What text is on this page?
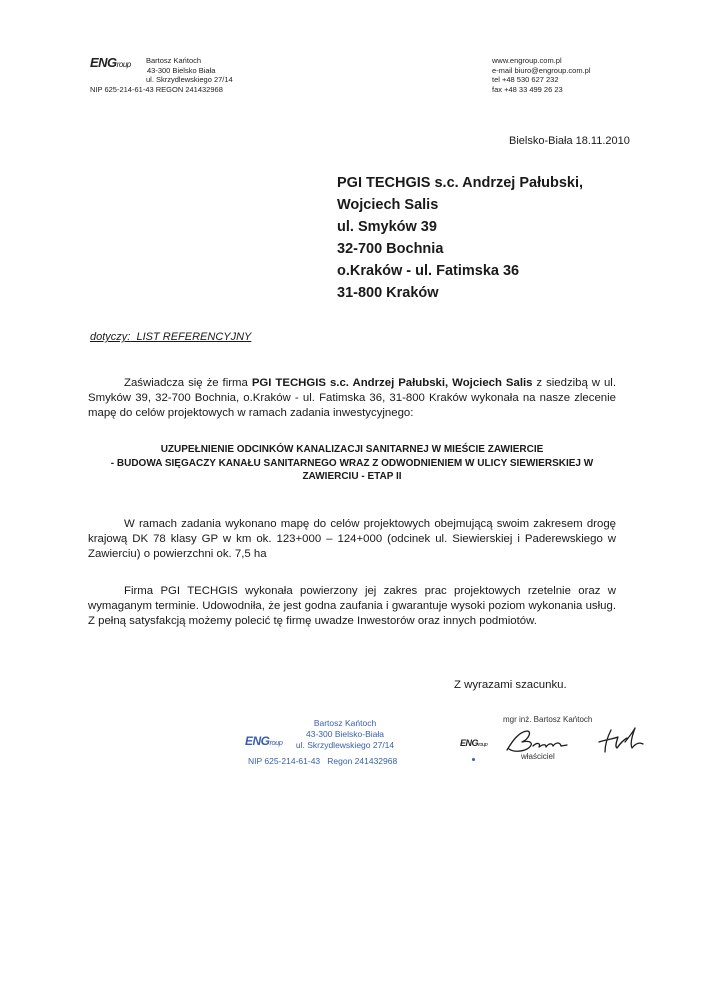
ENGroup Bartosz Kańtoch
43-300 Bielsko Biała
ul. Skrzydlewskiego 27/14
NIP 625-214-61-43 REGON 241432968
www.engroup.com.pl
e-mail biuro@engroup.com.pl
tel +48 530 627 232
fax +48 33 499 26 23
Bielsko-Biała 18.11.2010
PGI TECHGIS s.c. Andrzej Pałubski,
Wojciech Salis
ul. Smyków 39
32-700 Bochnia
o.Kraków - ul. Fatimska 36
31-800 Kraków
dotyczy: LIST REFERENCYJNY
Zaświadcza się że firma PGI TECHGIS s.c. Andrzej Pałubski, Wojciech Salis z siedzibą w ul. Smyków 39, 32-700 Bochnia, o.Kraków - ul. Fatimska 36, 31-800 Kraków wykonała na nasze zlecenie mapę do celów projektowych w ramach zadania inwestycyjnego:
UZUPEŁNIENIE ODCINKÓW KANALIZACJI SANITARNEJ W MIEŚCIE ZAWIERCIE
- BUDOWA SIĘGACZY KANAŁU SANITARNEGO WRAZ Z ODWODNIENIEM W ULICY SIEWIERSKIEJ W
ZAWIERCIU - ETAP II
W ramach zadania wykonano mapę do celów projektowych obejmującą swoim zakresem drogę krajową DK 78 klasy GP w km ok. 123+000 – 124+000 (odcinek ul. Siewierskiej i Paderewskiego w Zawierciu) o powierzchni ok. 7,5 ha
Firma PGI TECHGIS wykonała powierzony jej zakres prac projektowych rzetelnie oraz w wymaganym terminie. Udowodniła, że jest godna zaufania i gwarantuje wysoki poziom wykonania usług. Z pełną satysfakcją możemy polecić tę firmę uwadze Inwestorów oraz innych podmiotów.
Z wyrazami szacunku.
ENGroup
Bartosz Kańtoch
43-300 Bielsko-Biała
ul. Skrzydlewskiego 27/14
NIP 625-214-61-43 Regon 241432968
mgr inż. Bartosz Kańtoch
ENGroup
właściciel
